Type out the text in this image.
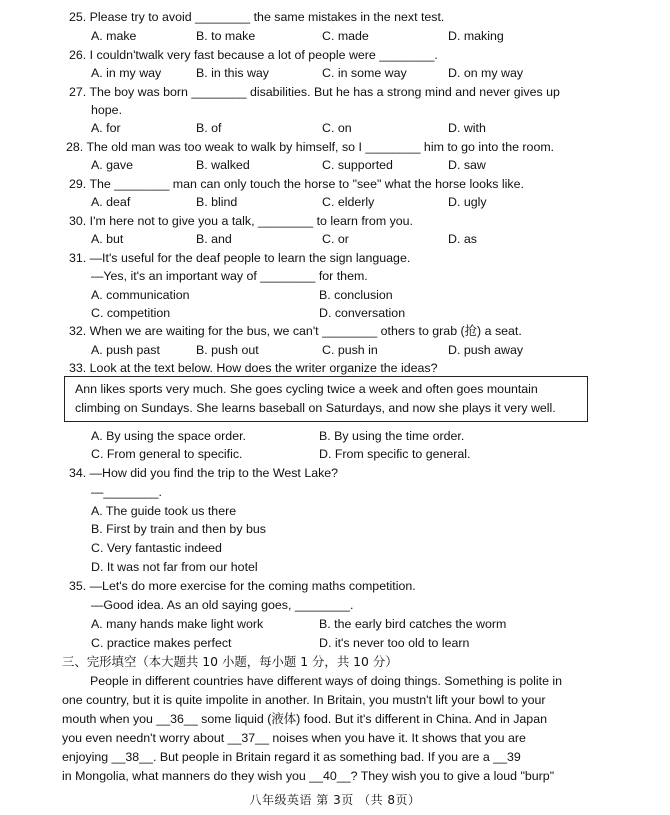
25. Please try to avoid ________ the same mistakes in the next test.
A. make	B. to make	C. made	D. making
26. I couldn'twalk very fast because a lot of people were ________.
A. in my way	B. in this way	C. in some way	D. on my way
27. The boy was born ________ disabilities. But he has a strong mind and never gives up
hope.
A. for	B. of	C. on	D. with
28. The old man was too weak to walk by himself, so I ________ him to go into the room.
A. gave	B. walked	C. supported	D. saw
29. The ________ man can only touch the horse to "see" what the horse looks like.
A. deaf	B. blind	C. elderly	D. ugly
30. I'm here not to give you a talk, ________ to learn from you.
A. but	B. and	C. or	D. as
31. —It's useful for the deaf people to learn the sign language.
—Yes, it's an important way of ________ for them.
A. communication	B. conclusion
C. competition	D. conversation
32. When we are waiting for the bus, we can't ________ others to grab (抢) a seat.
A. push past	B. push out	C. push in	D. push away
33. Look at the text below. How does the writer organize the ideas?
Ann likes sports very much. She goes cycling twice a week and often goes mountain
climbing on Sundays. She learns baseball on Saturdays, and now she plays it very well.
A. By using the space order.	B. By using the time order.
C. From general to specific.	D. From specific to general.
34. —How did you find the trip to the West Lake?
—________.
A. The guide took us there
B. First by train and then by bus
C. Very fantastic indeed
D. It was not far from our hotel
35. —Let's do more exercise for the coming maths competition.
—Good idea. As an old saying goes, ________.
A. many hands make light work	B. the early bird catches the worm
C. practice makes perfect	D. it's never too old to learn
三、完形填空（本大题共 10 小题，每小题 1 分，共 10 分）
People in different countries have different ways of doing things. Something is polite in
one country, but it is quite impolite in another. In Britain, you mustn't lift your bowl to your
mouth when you __36__ some liquid (液体) food. But it's different in China. And in Japan
you even needn't worry about __37__ noises when you have it. It shows that you are
enjoying __38__. But people in Britain regard it as something bad. If you are a __39
in Mongolia, what manners do they wish you __40__? They wish you to give a loud "burp"
八年级英语 第 3页 （共 8页）
